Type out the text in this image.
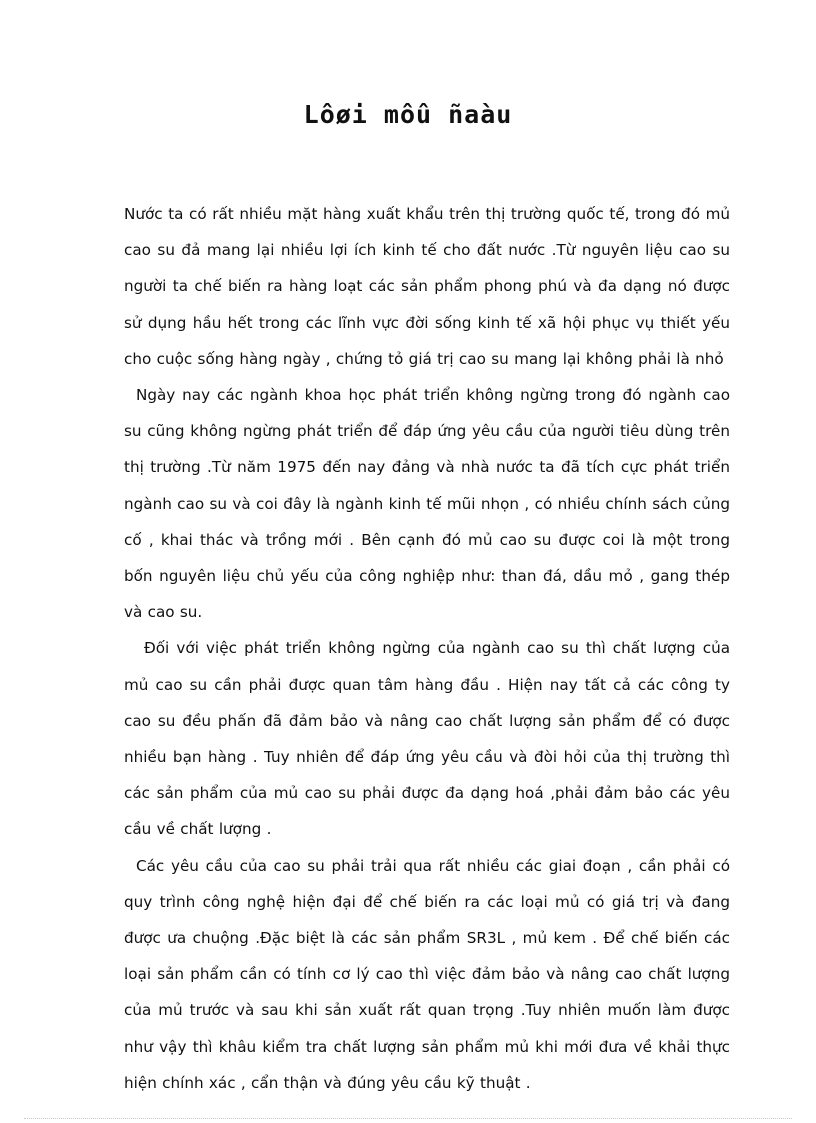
Lôøi môû ñaàu

Nước ta có rất nhiều mặt hàng xuất khẩu trên thị trường quốc tế, trong đó mủ cao su đả mang lại nhiều lợi ích kinh tế cho đất nước .Từ nguyên liệu cao su người ta chế biến ra hàng loạt các sản phẩm phong phú và đa dạng nó được sử dụng hầu hết trong các lĩnh vực đời sống kinh tế xã hội phục vụ thiết yếu cho cuộc sống hàng ngày , chứng tỏ giá trị cao su mang lại không phải là nhỏ

Ngày nay các ngành khoa học phát triển không ngừng trong đó ngành cao su cũng không ngừng phát triển để đáp ứng yêu cầu của người tiêu dùng trên thị trường .Từ năm 1975 đến nay đảng và nhà nước ta đã tích cực phát triển ngành cao su và coi đây là ngành kinh tế mũi nhọn , có nhiều chính sách củng cố , khai thác và trồng mới . Bên cạnh đó mủ cao su được coi là một trong bốn nguyên liệu chủ yếu của công nghiệp như: than đá, dầu mỏ , gang thép và cao su.

Đối với việc phát triển không ngừng của ngành cao su thì chất lượng của mủ cao su cần phải được quan tâm hàng đầu . Hiện nay tất cả các công ty cao su đều phấn đã đảm bảo và nâng cao chất lượng sản phẩm để có được nhiều bạn hàng . Tuy nhiên để đáp ứng yêu cầu và đòi hỏi của thị trường thì các sản phẩm của mủ cao su phải được đa dạng hoá ,phải đảm bảo các yêu cầu về chất lượng .

Các yêu cầu của cao su phải trải qua rất nhiều các giai đoạn , cần phải có quy trình công nghệ hiện đại để chế biến ra các loại mủ có giá trị và đang được ưa chuộng .Đặc biệt là các sản phẩm SR3L , mủ kem . Để chế biến các loại sản phẩm cần có tính cơ lý cao thì việc đảm bảo và nâng cao chất lượng của mủ trước và sau khi sản xuất rất quan trọng .Tuy nhiên muốn làm được như vậy thì khâu kiểm tra chất lượng sản phẩm mủ khi mới đưa về khải thực hiện chính xác , cẩn thận và đúng yêu cầu kỹ thuật .
